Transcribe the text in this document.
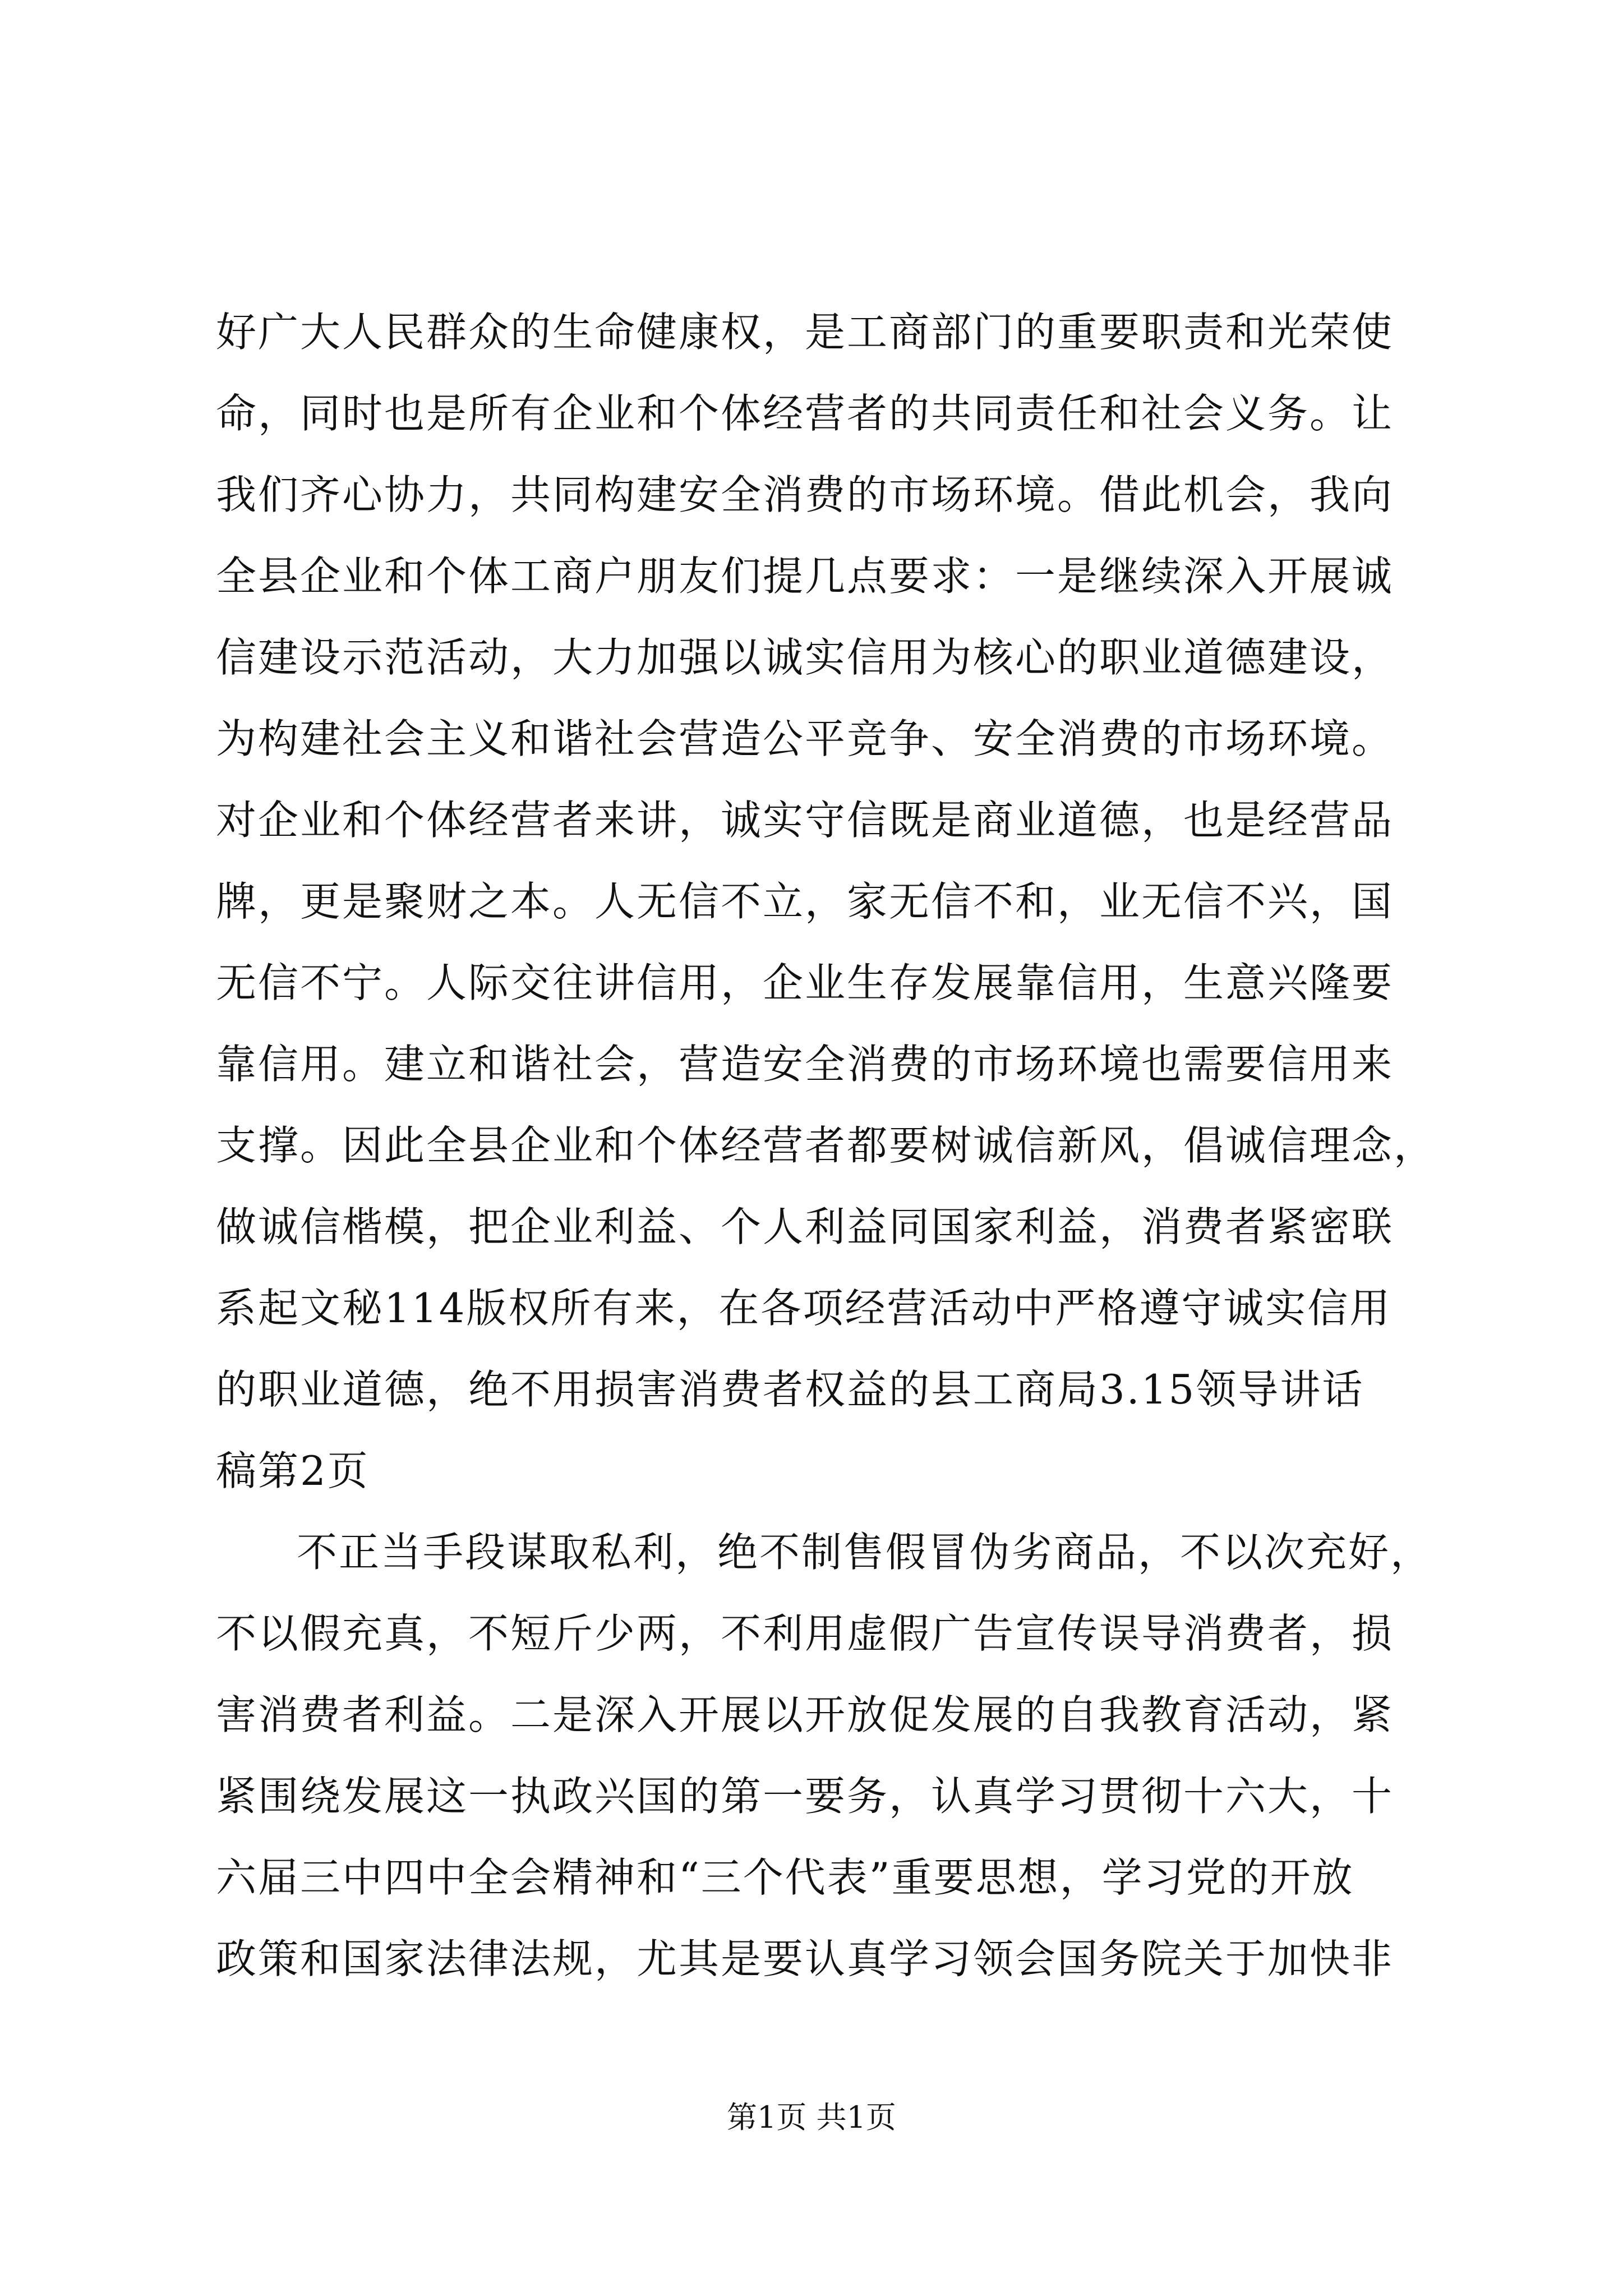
好广大人民群众的生命健康权，是工商部门的重要职责和光荣使
命，同时也是所有企业和个体经营者的共同责任和社会义务。让
我们齐心协力，共同构建安全消费的市场环境。借此机会，我向
全县企业和个体工商户朋友们提几点要求：一是继续深入开展诚
信建设示范活动，大力加强以诚实信用为核心的职业道德建设，
为构建社会主义和谐社会营造公平竞争、安全消费的市场环境。
对企业和个体经营者来讲，诚实守信既是商业道德，也是经营品
牌，更是聚财之本。人无信不立，家无信不和，业无信不兴，国
无信不宁。人际交往讲信用，企业生存发展靠信用，生意兴隆要
靠信用。建立和谐社会，营造安全消费的市场环境也需要信用来
支撑。因此全县企业和个体经营者都要树诚信新风，倡诚信理念，
做诚信楷模，把企业利益、个人利益同国家利益，消费者紧密联
系起文秘114版权所有来，在各项经营活动中严格遵守诚实信用
的职业道德，绝不用损害消费者权益的县工商局3.15领导讲话
稿第2页
不正当手段谋取私利，绝不制售假冒伪劣商品，不以次充好，
不以假充真，不短斤少两，不利用虚假广告宣传误导消费者，损
害消费者利益。二是深入开展以开放促发展的自我教育活动，紧
紧围绕发展这一执政兴国的第一要务，认真学习贯彻十六大，十
六届三中四中全会精神和“三个代表”重要思想，学习党的开放
政策和国家法律法规，尤其是要认真学习领会国务院关于加快非
第1页 共1页
